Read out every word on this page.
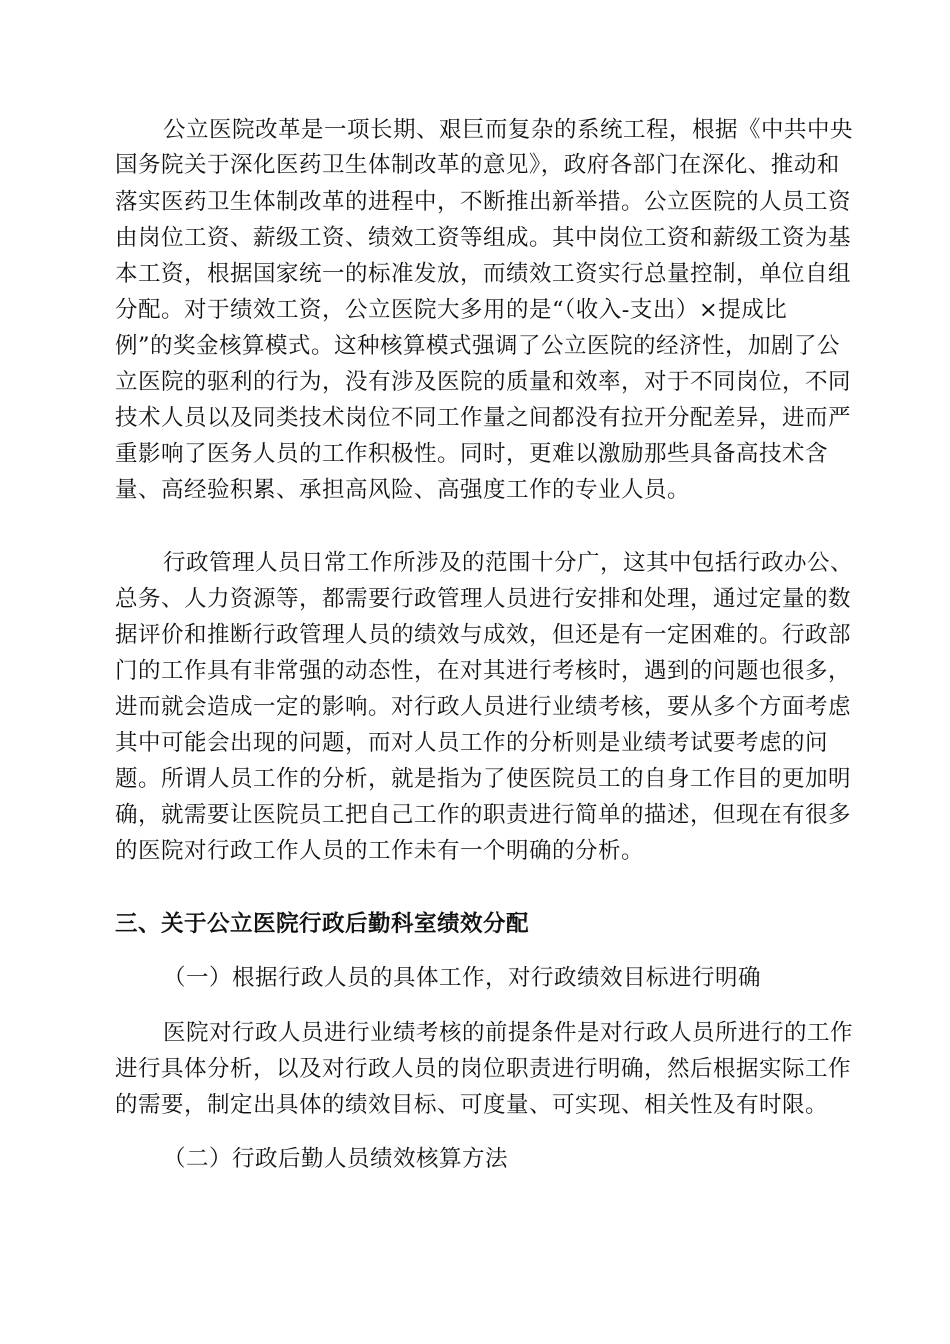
公立医院改革是一项长期、艰巨而复杂的系统工程，根据《中共中央
国务院关于深化医药卫生体制改革的意见》，政府各部门在深化、推动和
落实医药卫生体制改革的进程中，不断推出新举措。公立医院的人员工资
由岗位工资、薪级工资、绩效工资等组成。其中岗位工资和薪级工资为基
本工资，根据国家统一的标准发放，而绩效工资实行总量控制，单位自组
分配。对于绩效工资，公立医院大多用的是“（收入-支出）×提成比
例”的奖金核算模式。这种核算模式强调了公立医院的经济性，加剧了公
立医院的驱利的行为，没有涉及医院的质量和效率，对于不同岗位，不同
技术人员以及同类技术岗位不同工作量之间都没有拉开分配差异，进而严
重影响了医务人员的工作积极性。同时，更难以激励那些具备高技术含
量、高经验积累、承担高风险、高强度工作的专业人员。
行政管理人员日常工作所涉及的范围十分广，这其中包括行政办公、
总务、人力资源等，都需要行政管理人员进行安排和处理，通过定量的数
据评价和推断行政管理人员的绩效与成效，但还是有一定困难的。行政部
门的工作具有非常强的动态性，在对其进行考核时，遇到的问题也很多，
进而就会造成一定的影响。对行政人员进行业绩考核，要从多个方面考虑
其中可能会出现的问题，而对人员工作的分析则是业绩考试要考虑的问
题。所谓人员工作的分析，就是指为了使医院员工的自身工作目的更加明
确，就需要让医院员工把自己工作的职责进行简单的描述，但现在有很多
的医院对行政工作人员的工作未有一个明确的分析。
三、关于公立医院行政后勤科室绩效分配
（一）根据行政人员的具体工作，对行政绩效目标进行明确
医院对行政人员进行业绩考核的前提条件是对行政人员所进行的工作
进行具体分析，以及对行政人员的岗位职责进行明确，然后根据实际工作
的需要，制定出具体的绩效目标、可度量、可实现、相关性及有时限。
（二）行政后勤人员绩效核算方法
